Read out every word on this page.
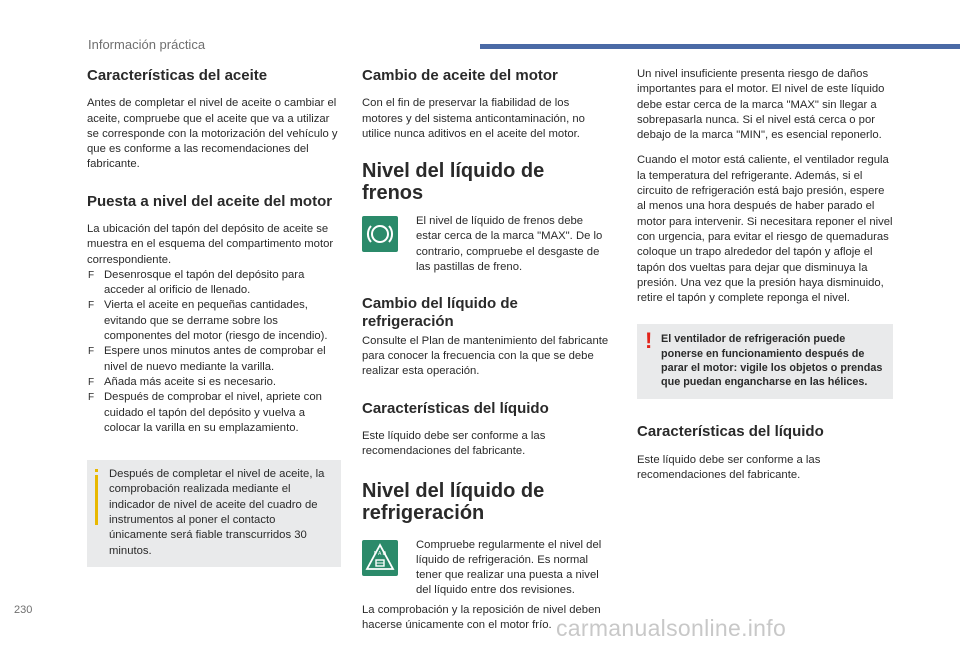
Información práctica
Características del aceite

Antes de completar el nivel de aceite o cambiar el aceite, compruebe que el aceite que va a utilizar se corresponde con la motorización del vehículo y que es conforme a las recomendaciones del fabricante.

Puesta a nivel del aceite del motor

La ubicación del tapón del depósito de aceite se muestra en el esquema del compartimento motor correspondiente.

F Desenrosque el tapón del depósito para acceder al orificio de llenado.
F Vierta el aceite en pequeñas cantidades, evitando que se derrame sobre los componentes del motor (riesgo de incendio).
F Espere unos minutos antes de comprobar el nivel de nuevo mediante la varilla.
F Añada más aceite si es necesario.
F Después de comprobar el nivel, apriete con cuidado el tapón del depósito y vuelva a colocar la varilla en su emplazamiento.

Después de completar el nivel de aceite, la comprobación realizada mediante el indicador de nivel de aceite del cuadro de instrumentos al poner el contacto únicamente será fiable transcurridos 30 minutos.

Cambio de aceite del motor

Con el fin de preservar la fiabilidad de los motores y del sistema anticontaminación, no utilice nunca aditivos en el aceite del motor.

Nivel del líquido de frenos

El nivel de líquido de frenos debe estar cerca de la marca "MAX". De lo contrario, compruebe el desgaste de las pastillas de freno.

Cambio del líquido de refrigeración

Consulte el Plan de mantenimiento del fabricante para conocer la frecuencia con la que se debe realizar esta operación.

Características del líquido

Este líquido debe ser conforme a las recomendaciones del fabricante.

Nivel del líquido de refrigeración
F A D

Compruebe regularmente el nivel del líquido de refrigeración. Es normal tener que realizar una puesta a nivel del líquido entre dos revisiones.

La comprobación y la reposición de nivel deben hacerse únicamente con el motor frío.

Un nivel insuficiente presenta riesgo de daños importantes para el motor. El nivel de este líquido debe estar cerca de la marca "MAX" sin llegar a sobrepasarla nunca. Si el nivel está cerca o por debajo de la marca "MIN", es esencial reponerlo.

Cuando el motor está caliente, el ventilador regula la temperatura del refrigerante. Además, si el circuito de refrigeración está bajo presión, espere al menos una hora después de haber parado el motor para intervenir. Si necesitara reponer el nivel con urgencia, para evitar el riesgo de quemaduras coloque un trapo alrededor del tapón y afloje el tapón dos vueltas para dejar que disminuya la presión. Una vez que la presión haya disminuido, retire el tapón y complete reponga el nivel.

! El ventilador de refrigeración puede ponerse en funcionamiento después de parar el motor: vigile los objetos o prendas que puedan engancharse en las hélices.

Características del líquido

Este líquido debe ser conforme a las recomendaciones del fabricante.

230
carmanualsonline.info
